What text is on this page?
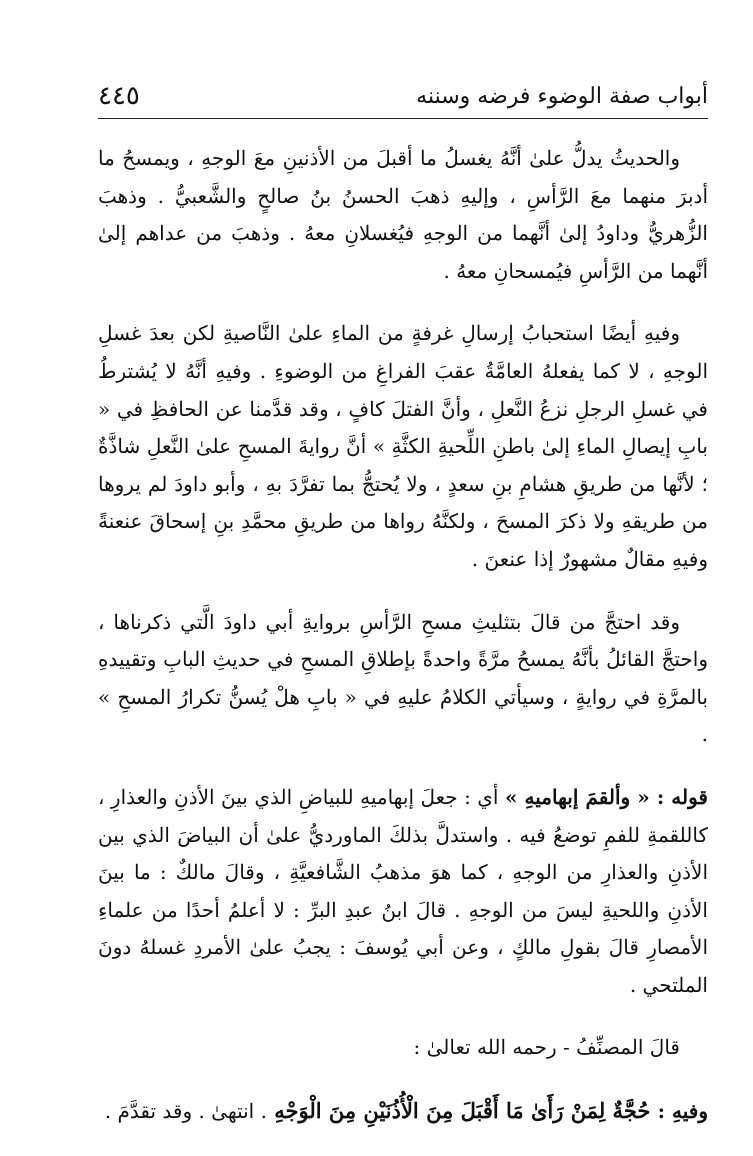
أبواب صفة الوضوء فرضه وسننه
٤٤٥

والحديثُ يدلُّ علىٰ أنَّهُ يغسلُ ما أقبلَ من الأذنينِ معَ الوجهِ ، ويمسحُ ما أدبرَ منهما معَ الرَّأسِ ، وإليهِ ذهبَ الحسنُ بنُ صالحٍ والشَّعبيُّ . وذهبَ الزُّهريُّ وداودُ إلىٰ أنَّهما من الوجهِ فيُغسلانِ معهُ . وذهبَ من عداهم إلىٰ أنَّهما من الرَّأسِ فيُمسحانِ معهُ .

وفيهِ أيضًا استحبابُ إرسالِ غرفةٍ من الماءِ علىٰ النَّاصيةِ لكن بعدَ غسلِ الوجهِ ، لا كما يفعلهُ العامَّةُ عقبَ الفراغِ من الوضوءِ . وفيهِ أنَّهُ لا يُشترطُ في غسلِ الرجلِ نزعُ النَّعلِ ، وأنَّ الفتلَ كافٍ ، وقد قدَّمنا عن الحافظِ في « بابِ إيصالِ الماءِ إلىٰ باطنِ اللِّحيةِ الكثَّةِ » أنَّ روايةَ المسحِ علىٰ النَّعلِ شاذَّةٌ ؛ لأنَّها من طريقِ هشامِ بنِ سعدٍ ، ولا يُحتجُّ بما تفرَّدَ بهِ ، وأبو داودَ لم يروها من طريقهِ ولا ذكرَ المسحَ ، ولكنَّهُ رواها من طريقِ محمَّدِ بنِ إسحاقَ عنعنةً وفيهِ مقالٌ مشهورٌ إذا عنعنَ .

وقد احتجَّ من قالَ بتثليثِ مسحِ الرَّأسِ بروايةِ أبي داودَ الَّتي ذكرناها ، واحتجَّ القائلُ بأنَّهُ يمسحُ مرَّةً واحدةً بإطلاقِ المسحِ في حديثِ البابِ وتقييدهِ بالمرَّةِ في روايةٍ ، وسيأتي الكلامُ عليهِ في « بابِ هلْ يُسنُّ تكرارُ المسحِ » .

قوله : « وألقمَ إبهاميهِ » أي : جعلَ إبهاميهِ للبياضِ الذي بينَ الأذنِ والعذارِ ، كاللقمةِ للفمِ توضعُ فيه . واستدلَّ بذلكَ الماورديُّ علىٰ أن البياضَ الذي بين الأذنِ والعذارِ من الوجهِ ، كما هوَ مذهبُ الشَّافعيَّةِ ، وقالَ مالكٌ : ما بينَ الأذنِ واللحيةِ ليسَ من الوجهِ . قالَ ابنُ عبدِ البرِّ : لا أعلمُ أحدًا من علماءِ الأمصارِ قالَ بقولِ مالكٍ ، وعن أبي يُوسفَ : يجبُ علىٰ الأمردِ غسلهُ دونَ الملتحي .

قالَ المصنِّفُ - رحمه الله تعالىٰ :

وفيهِ : حُجَّةٌ لِمَنْ رَأَىٰ مَا أَقْبَلَ مِنَ الْأُذُنَيْنِ مِنَ الْوَجْهِ . انتهىٰ . وقد تقدَّمَ .
